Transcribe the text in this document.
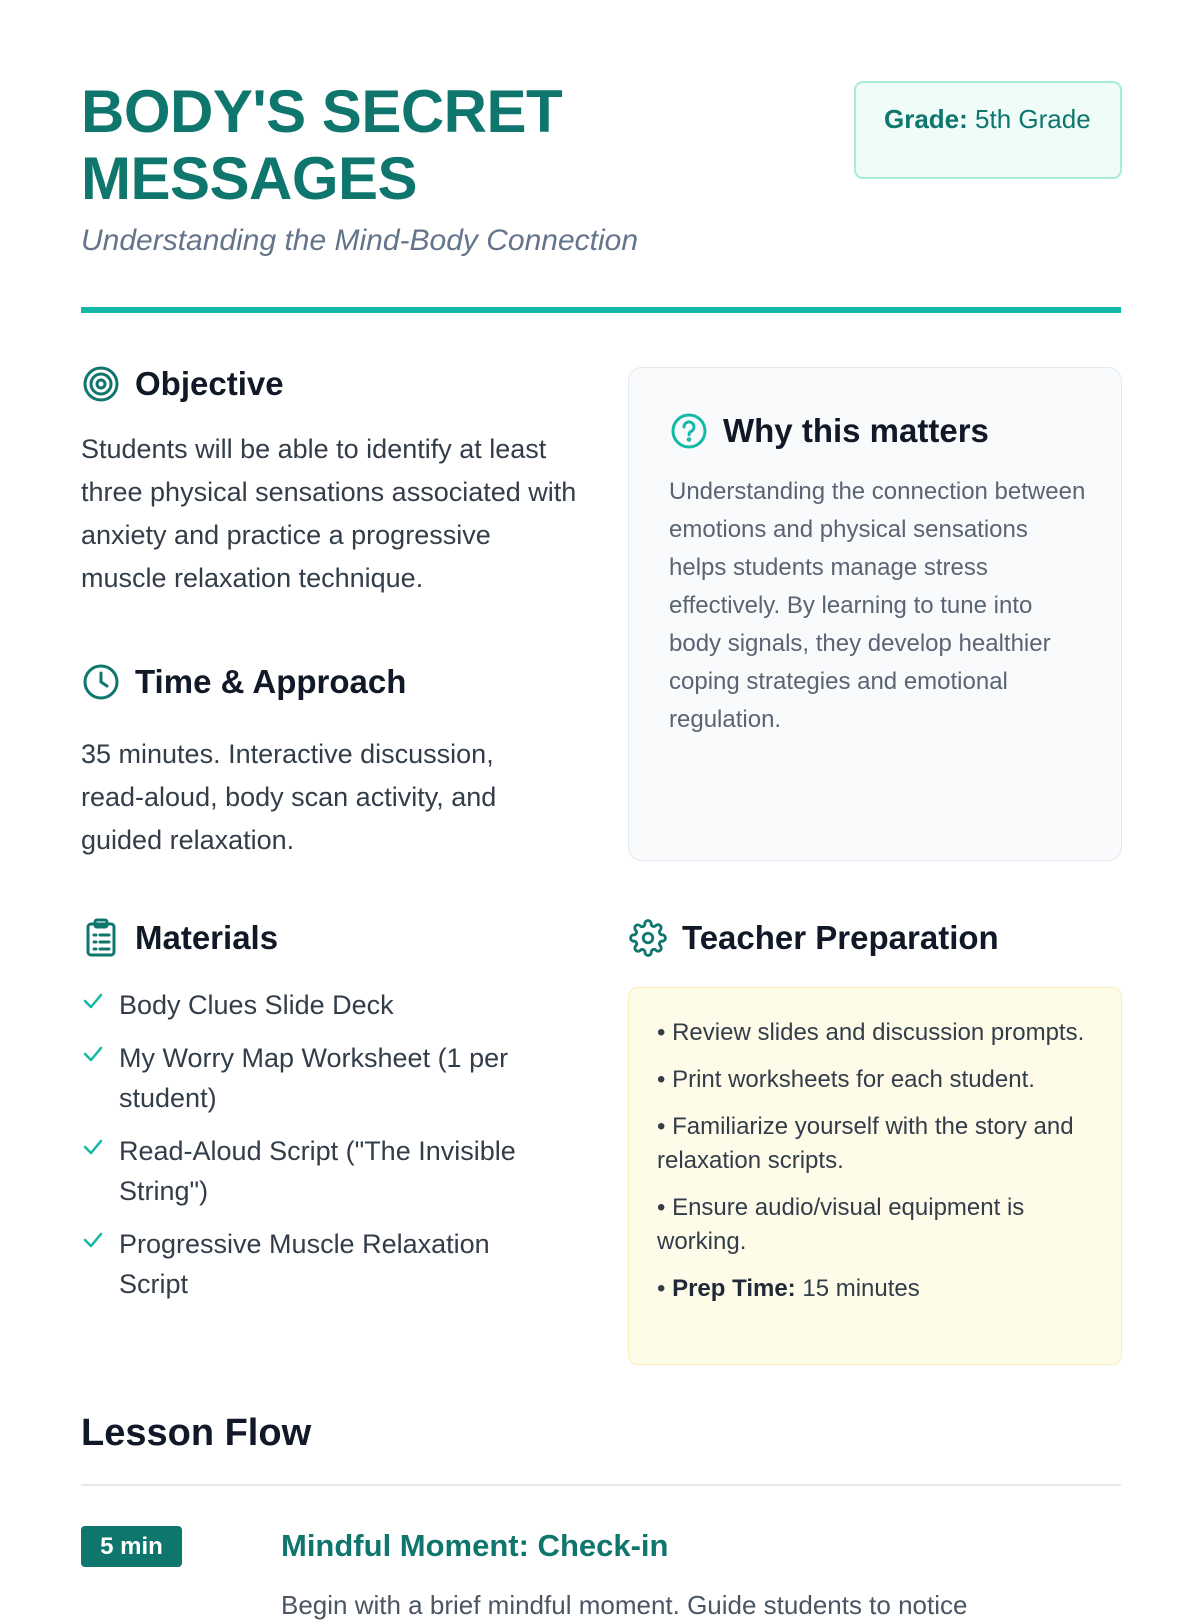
BODY'S SECRET
MESSAGES

Understanding the Mind-Body Connection

Grade: 5th Grade
Objective

Students will be able to identify at least three physical sensations associated with anxiety and practice a progressive muscle relaxation technique.

Time & Approach

35 minutes. Interactive discussion, read-aloud, body scan activity, and guided relaxation.

Why this matters

Understanding the connection between emotions and physical sensations helps students manage stress effectively. By learning to tune into body signals, they develop healthier coping strategies and emotional regulation.

Materials
Body Clues Slide Deck
My Worry Map Worksheet (1 per student)
Read-Aloud Script ("The Invisible String")
Progressive Muscle Relaxation Script
Teacher Preparation
• Review slides and discussion prompts.
• Print worksheets for each student.
• Familiarize yourself with the story and relaxation scripts.
• Ensure audio/visual equipment is working.
• Prep Time: 15 minutes
Lesson Flow
5 min	Mindful Moment: Check-in

Begin with a brief mindful moment. Guide students to notice
